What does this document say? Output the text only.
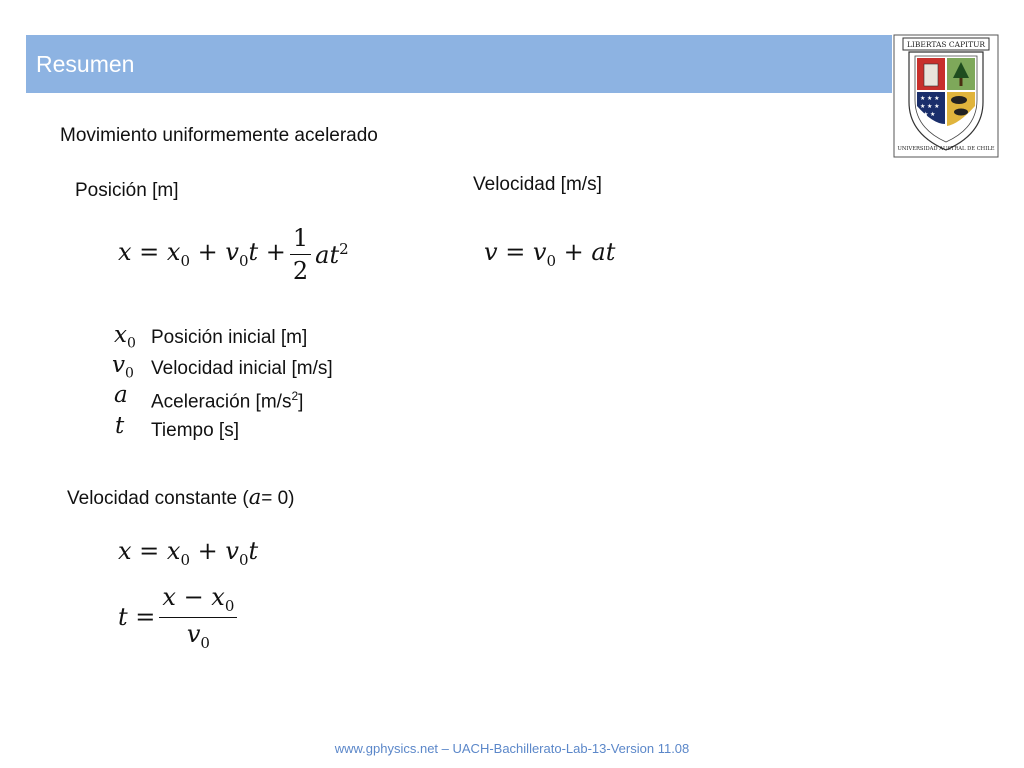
Resumen
LIBERTAS CAPITUR
★ ★ ★
★ ★ ★
★ ★
UNIVERSIDAD AUSTRAL DE CHILE
Movimiento uniformemente acelerado
Posición [m]	Velocidad [m/s]
$x = x_0 + v_0t + \frac{1}{2} at^2$	$v = v_0$ + at
$x_0$ Posición inicial [m]
$v_0$ Velocidad inicial [m/s]
a Aceleración $[m/s^2]$
t Tiempo [s]
Velocidad constante (a= 0)
$x = x_0 + v_0t$
$t = \frac{x - x_0}{v_0}$
www.gphysics.net – UACH-Bachillerato-Lab-13-Version 11.08
